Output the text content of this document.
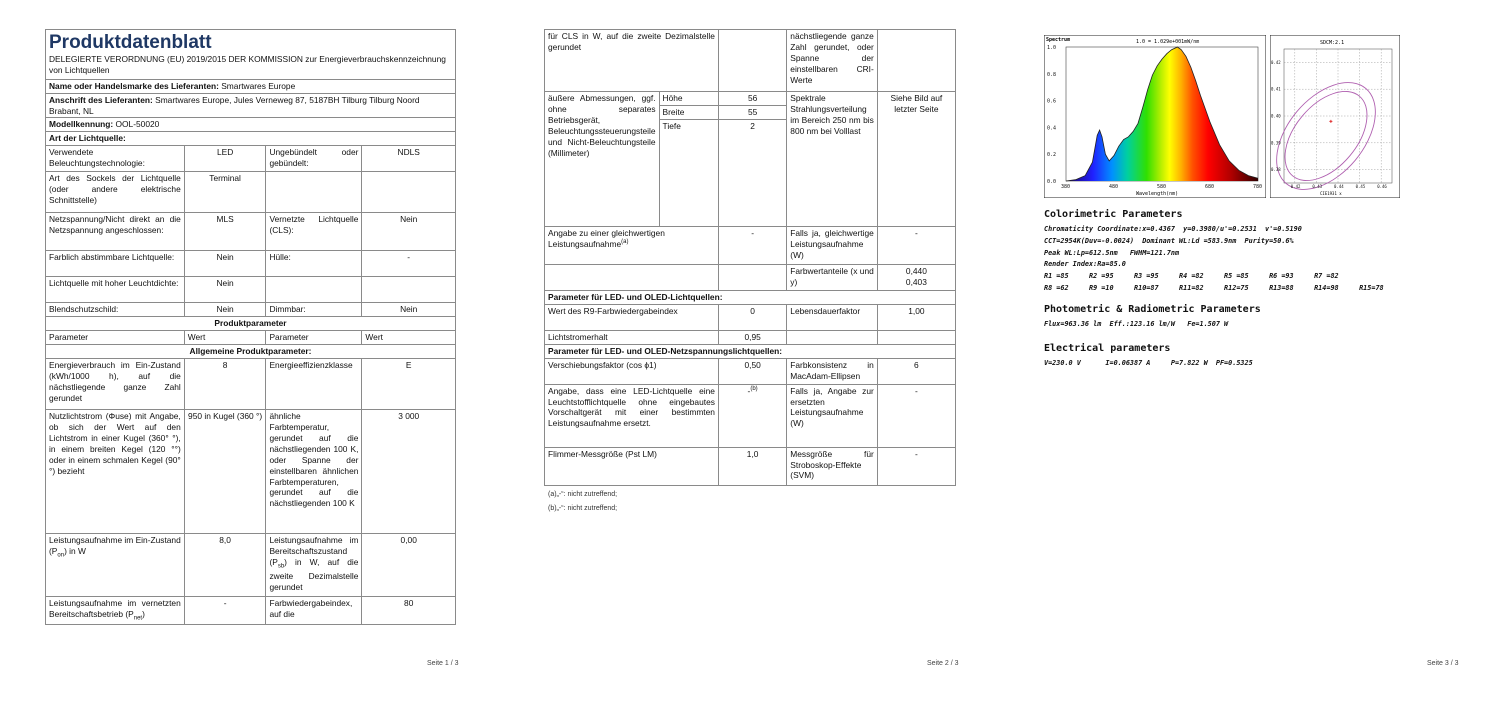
Produktdatenblatt
DELEGIERTE VERORDNUNG (EU) 2019/2015 DER KOMMISSION zur Energieverbrauchskennzeichnung von Lichtquellen			

Name oder Handelsmarke des Lieferanten: Smartwares Europe			
Anschrift des Lieferanten: Smartwares Europe, Jules Verneweg 87, 5187BH Tilburg Tilburg Noord Brabant, NL			
Modellkennung: OOL-50020			
Art der Lichtquelle:			
Verwendete Beleuchtungstechnologie:	LED	Ungebündelt oder gebündelt:	NDLS
Art des Sockels der Lichtquelle (oder andere elektrische Schnittstelle)	Terminal		
Netzspannung/Nicht direkt an die Netzspannung angeschlossen:	MLS	Vernetzte Lichtquelle (CLS):	Nein
Farblich abstimmbare Lichtquelle:	Nein	Hülle:	-
Lichtquelle mit hoher Leuchtdichte:	Nein		
Blendschutzschild:	Nein	Dimmbar:	Nein
Produktparameter			
Parameter	Wert	Parameter	Wert
Allgemeine Produktparameter:			
Energieverbrauch im Ein-Zustand (kWh/1000 h), auf die nächstliegende ganze Zahl gerundet	8	Energieeffizienzklasse	E
Nutzlichtstrom (Φuse) mit Angabe, ob sich der Wert auf den Lichtstrom in einer Kugel (360° °), in einem breiten Kegel (120 °°) oder in einem schmalen Kegel (90° °) bezieht	950 in Kugel (360 °)	ähnliche Farbtemperatur, gerundet auf die nächstliegenden 100 K, oder Spanne der einstellbaren ähnlichen Farbtemperaturen, gerundet auf die nächstliegenden 100 K	3 000
Leistungsaufnahme im Ein-Zustand $(P_{on})$ in W	8,0	Leistungsaufnahme im Bereitschaftszustand $(P_{sb})$ in W, auf die zweite Dezimalstelle gerundet	0,00
Leistungsaufnahme im vernetzten Bereitschaftsbetrieb $(P_{net})$	-	Farbwiedergabeindex, auf die	80
Seite 1 / 3
für CLS in W, auf die zweite Dezimalstelle gerundet			nächstliegende ganze Zahl gerundet, oder Spanne der einstellbaren CRI-Werte	
äußere Abmessungen, ggf. ohne separates Betriebsgerät, Beleuchtungssteuerungsteile und Nicht-Beleuchtungsteile (Millimeter)	Höhe	56	Spektrale Strahlungsverteilung im Bereich 250 nm bis 800 nm bei Volllast	Siehe Bild auf letzter Seite
	Breite	55		
	Tiefe	2		
Angabe zu einer gleichwertigen Leistungsaufnahme$^{(a)}$		-	Falls ja, gleichwertige Leistungsaufnahme (W)	-
			Farbwertanteile (x und y)	0,440
0,403

Parameter für LED- und OLED-Lichtquellen:				
Wert des R9-Farbwiedergabeindex		0	Lebensdauerfaktor	1,00
Lichtstromerhalt		0,95		
Parameter für LED- und OLED-Netzspannungslichtquellen:				
Verschiebungsfaktor (cos ϕ1)		0,50	Farbkonsistenz in MacAdam-Ellipsen	6
Angabe, dass eine LED-Lichtquelle eine Leuchtstofflichtquelle ohne eingebautes Vorschaltgerät mit einer bestimmten Leistungsaufnahme ersetzt.		-$^{(b)}$	Falls ja, Angabe zur ersetzten Leistungsaufnahme (W)	-
Flimmer-Messgröße (Pst LM)		1,0	Messgröße für Stroboskop-Effekte (SVM)	-
(a)„-“: nicht zutreffend;
(b)„-“: nicht zutreffend;
Seite 2 / 3
1.0
0.8
0.6
0.4
0.2
0.0
380	480	580	680	780
Spectrum	1.0 = 1.029e+001mW/nm
Wavelength(nm)
SDCM:2.1
0.42
0.41
0.40
0.39
0.38
0.42	0.43	0.44	0.45	0.46
CIE1931 x
Colorimetric Parameters
Chromaticity Coordinate:x=0.4367  y=0.3980/u'=0.2531  v'=0.5190
CCT=2954K(Duv=-0.0024)  Dominant WL:Ld =583.9nm  Purity=50.6%
Peak WL:Lp=612.5nm   FWHM=121.7nm
Render Index:Ra=85.0
R1 =85     R2 =95     R3 =95     R4 =82     R5 =85     R6 =93     R7 =82
R8 =62     R9 =10     R10=87     R11=82     R12=75     R13=88     R14=98     R15=78
Photometric & Radiometric Parameters
Flux=963.36 lm  Eff.:123.16 lm/W   Fe=1.507 W
Electrical parameters
V=230.0 V      I=0.06387 A     P=7.822 W  PF=0.5325
Seite 3 / 3
